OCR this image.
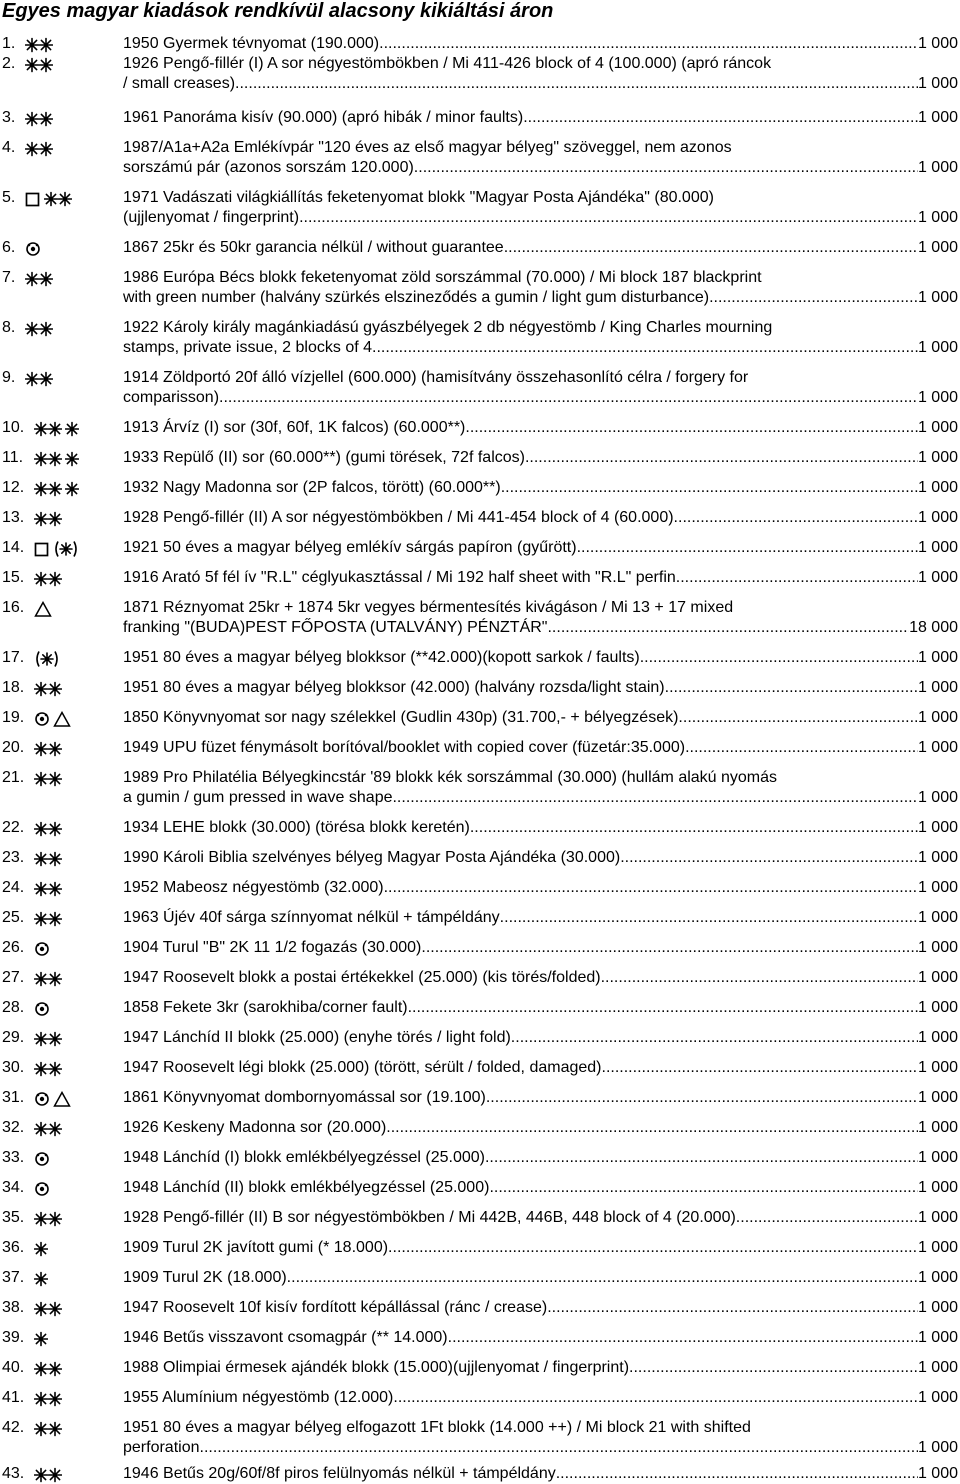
Egyes magyar kiadások rendkívül alacsony kikiáltási áron
1.	1950 Gyermek tévnyomat (190.000) .....	1 000
2.	1926 Pengő-fillér (I) A sor négyestömbökben / Mi 411-426 block of 4 (100.000) (apró ráncok
/ small creases) .....	1 000
3.	1961 Panoráma kisív (90.000) (apró hibák / minor faults) .....	1 000
4.	1987/A1a+A2a Emlékívpár "120 éves az első magyar bélyeg" szöveggel, nem azonos
sorszámú pár (azonos sorszám 120.000) .....	1 000
5.	1971 Vadászati világkiállítás feketenyomat blokk "Magyar Posta Ajándéka" (80.000)
(ujjlenyomat / fingerprint) .....	1 000
6.	1867 25kr és 50kr garancia nélkül / without guarantee .....	1 000
7.	1986 Európa Bécs blokk feketenyomat zöld sorszámmal (70.000) / Mi block 187 blackprint
with green number (halvány szürkés elszineződés a gumin / light gum disturbance) .....	1 000
8.	1922 Károly király magánkiadású gyászbélyegek 2 db négyestömb / King Charles mourning
stamps, private issue, 2 blocks of 4 .....	1 000
9.	1914 Zöldportó 20f álló vízjellel (600.000) (hamisítvány összehasonlító célra / forgery for
comparisson) .....	1 000
10.	1913 Árvíz (I) sor (30f, 60f, 1K falcos) (60.000**) .....	1 000
11.	1933 Repülő (II) sor (60.000**) (gumi törések, 72f falcos) .....	1 000
12.	1932 Nagy Madonna sor (2P falcos, törött) (60.000**) .....	1 000
13.	1928 Pengő-fillér (II) A sor négyestömbökben / Mi 441-454 block of 4 (60.000) .....	1 000
14.	1921 50 éves a magyar bélyeg emlékív sárgás papíron (gyűrött) .....	1 000
15.	1916 Arató 5f fél ív "R.L" céglyukasztással / Mi 192 half sheet with "R.L" perfin .....	1 000
16.	1871 Réznyomat 25kr + 1874 5kr vegyes bérmentesítés kivágáson / Mi 13 + 17 mixed
franking "(BUDA)PEST FŐPOSTA (UTALVÁNY) PÉNZTÁR" .....	18 000
17.	1951 80 éves a magyar bélyeg blokksor (**42.000)(kopott sarkok / faults) .....	1 000
18.	1951 80 éves a magyar bélyeg blokksor (42.000) (halvány rozsda/light stain) .....	1 000
19.	1850 Könyvnyomat sor nagy szélekkel (Gudlin 430p) (31.700,- + bélyegzések) .....	1 000
20.	1949 UPU füzet fénymásolt borítóval/booklet with copied cover (füzetár:35.000) .....	1 000
21.	1989 Pro Philatélia Bélyegkincstár '89 blokk kék sorszámmal (30.000) (hullám alakú nyomás
a gumin / gum pressed in wave shape .....	1 000
22.	1934 LEHE blokk (30.000) (törésa blokk keretén) .....	1 000
23.	1990 Károli Biblia szelvényes bélyeg Magyar Posta Ajándéka (30.000) .....	1 000
24.	1952 Mabeosz négyestömb (32.000) .....	1 000
25.	1963 Újév 40f sárga színnyomat nélkül + támpéldány .....	1 000
26.	1904 Turul "B" 2K 11 1/2 fogazás (30.000) .....	1 000
27.	1947 Roosevelt blokk a postai értékekkel (25.000) (kis törés/folded) .....	1 000
28.	1858 Fekete 3kr (sarokhiba/corner fault) .....	1 000
29.	1947 Lánchíd II blokk (25.000) (enyhe törés / light fold) .....	1 000
30.	1947 Roosevelt légi blokk (25.000) (törött, sérült / folded, damaged) .....	1 000
31.	1861 Könyvnyomat dombornyomással sor (19.100) .....	1 000
32.	1926 Keskeny Madonna sor (20.000) .....	1 000
33.	1948 Lánchíd (I) blokk emlékbélyegzéssel (25.000) .....	1 000
34.	1948 Lánchíd (II) blokk emlékbélyegzéssel (25.000) .....	1 000
35.	1928 Pengő-fillér (II) B sor négyestömbökben / Mi 442B, 446B, 448 block of 4 (20.000) .....	1 000
36.	1909 Turul 2K javított gumi (* 18.000) .....	1 000
37.	1909 Turul 2K (18.000) .....	1 000
38.	1947 Roosevelt 10f kisív fordított képállással (ránc / crease) .....	1 000
39.	1946 Betűs visszavont csomagpár (** 14.000) .....	1 000
40.	1988 Olimpiai érmesek ajándék blokk (15.000)(ujjlenyomat / fingerprint) .....	1 000
41.	1955 Alumínium négyestömb (12.000) .....	1 000
42.	1951 80 éves a magyar bélyeg elfogazott 1Ft blokk (14.000 ++) / Mi block 21 with shifted
perforation .....	1 000
43.	1946 Betűs 20g/60f/8f piros felülnyomás nélkül + támpéldány .....	1 000
